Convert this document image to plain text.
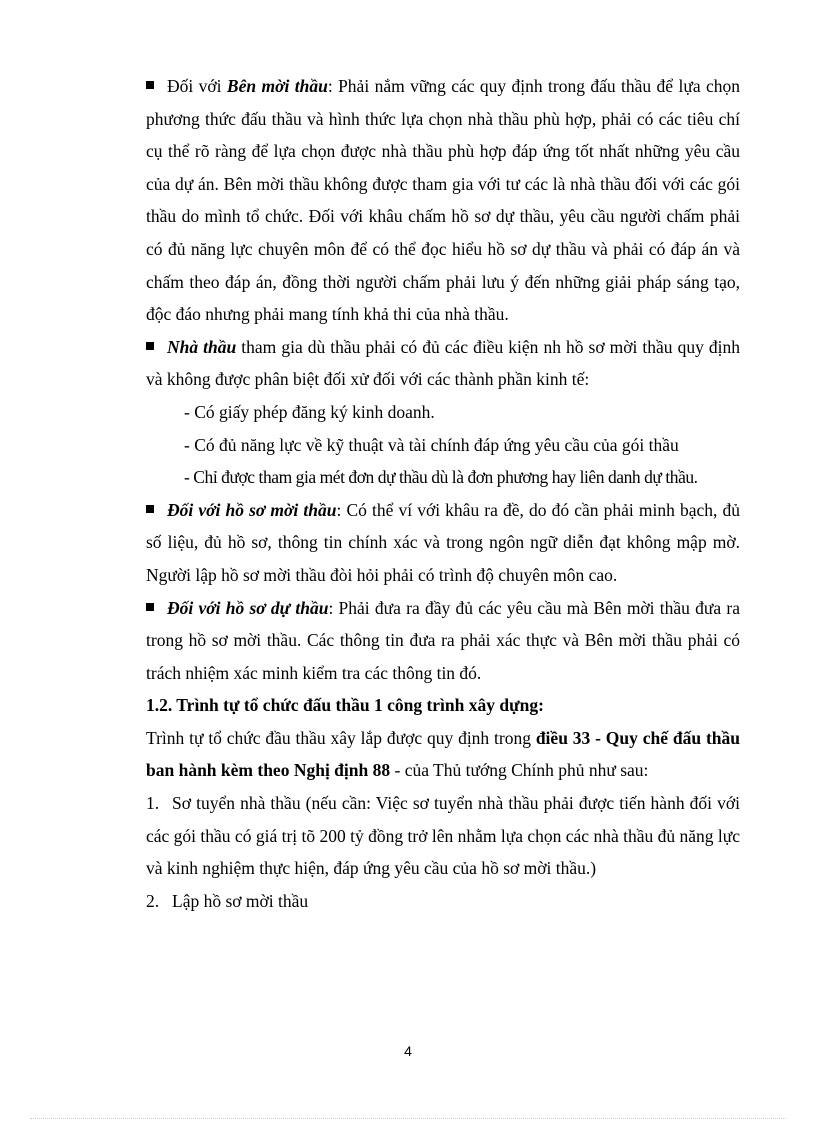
Đối với Bên mời thầu: Phải nắm vững các quy định trong đấu thầu để lựa chọn phương thức đấu thầu và hình thức lựa chọn nhà thầu phù hợp, phải có các tiêu chí cụ thể rõ ràng để lựa chọn được nhà thầu phù hợp đáp ứng tốt nhất những yêu cầu của dự án. Bên mời thầu không được tham gia với tư các là nhà thầu đối với các gói thầu do mình tổ chức. Đối với khâu chấm hồ sơ dự thầu, yêu cầu người chấm phải có đủ năng lực chuyên môn để có thể đọc hiểu hồ sơ dự thầu và phải có đáp án và chấm theo đáp án, đồng thời người chấm phải lưu ý đến những giải pháp sáng tạo, độc đáo nhưng phải mang tính khả thi của nhà thầu.

Nhà thầu tham gia dù thầu phải có đủ các điều kiện nh hồ sơ mời thầu quy định và không được phân biệt đối xử đối với các thành phần kinh tế:

- Có giấy phép đăng ký kinh doanh.

- Có đủ năng lực về kỹ thuật và tài chính đáp ứng yêu cầu của gói thầu

- Chỉ được tham gia mét đơn dự thầu dù là đơn phương hay liên danh dự thầu.

Đối với hồ sơ mời thầu: Có thể ví với khâu ra đề, do đó cần phải minh bạch, đủ số liệu, đủ hồ sơ, thông tin chính xác và trong ngôn ngữ diễn đạt không mập mờ. Người lập hồ sơ mời thầu đòi hỏi phải có trình độ chuyên môn cao.

Đối với hồ sơ dự thầu: Phải đưa ra đầy đủ các yêu cầu mà Bên mời thầu đưa ra trong hồ sơ mời thầu. Các thông tin đưa ra phải xác thực và Bên mời thầu phải có trách nhiệm xác minh kiểm tra các thông tin đó.

1.2. Trình tự tổ chức đấu thầu 1 công trình xây dựng:

Trình tự tổ chức đầu thầu xây lắp được quy định trong điều 33 - Quy chế đấu thầu ban hành kèm theo Nghị định 88 - của Thủ tướng Chính phủ như sau:

1. Sơ tuyển nhà thầu (nếu cần: Việc sơ tuyển nhà thầu phải được tiến hành đối với các gói thầu có giá trị tõ 200 tỷ đồng trở lên nhằm lựa chọn các nhà thầu đủ năng lực và kinh nghiệm thực hiện, đáp ứng yêu cầu của hồ sơ mời thầu.)

2. Lập hồ sơ mời thầu

4
